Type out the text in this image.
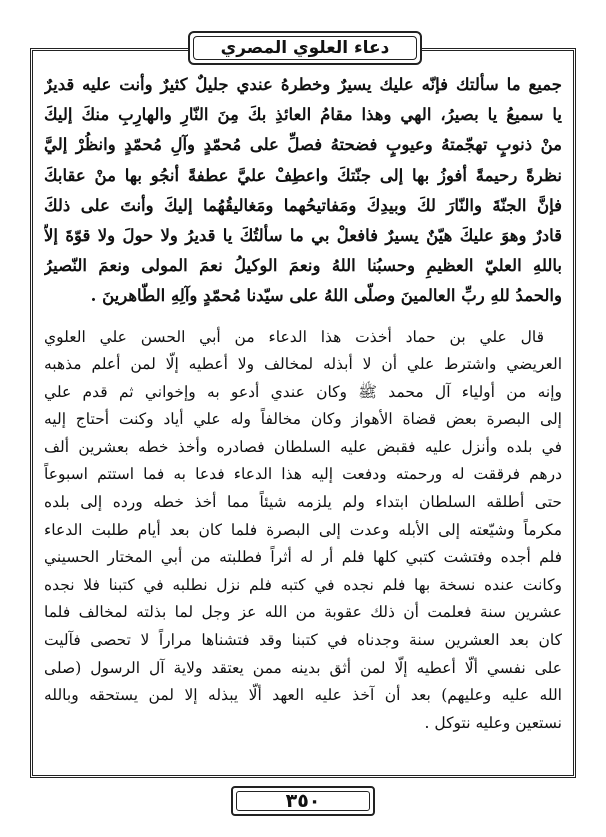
دعاء العلوي المصري
جميع ما سألتك فإنّه عليك يسيرٌ وخطرهُ عندي جليلٌ كثيرٌ وأنت عليه قديرٌ
يا سميعُ يا بصيرُ، الهي وهذا مقامُ العائذِ بكَ مِنَ النّارِ والهارِبِ منكَ إليكَ
منْ ذنوبٍ تهجّمتهُ وعيوبٍ فضحتهُ فصلِّ على مُحمّدٍ وآلِ مُحمّدٍ وانظُرْ إليَّ
نظرةً رحيمةً أفوزُ بها إلى جنّتكَ واعطِفْ عليَّ عطفةً أنجُو بها منْ عقابكَ
فإنَّ الجنّةَ والنّارَ لكَ وبيدِكَ ومَفاتيحُهما ومَغاليقُهُما إليكَ وأنتَ على ذلكَ
قادرٌ وهوَ عليكَ هيّنٌ يسيرٌ فافعلْ بي ما سألتُكَ يا قديرُ ولا حولَ ولا قوّةَ إلاّ
باللهِ العليّ العظيمِ وحسبُنا اللهُ ونعمَ الوكيلُ نعمَ المولى ونعمَ النّصيرُ
والحمدُ للهِ ربِّ العالمينَ وصلّى اللهُ على سيّدنا مُحمّدٍ وآلِهِ الطّاهرينَ .
قال علي بن حماد أخذت هذا الدعاء من أبي الحسن علي العلوي
العريضي واشترط علي أن لا أبذله لمخالف ولا أعطيه إلّا لمن أعلم مذهبه
وإنه من أولياء آل محمد ﷺ وكان عندي أدعو به وإخواني ثم قدم علي
إلى البصرة بعض قضاة الأهواز وكان مخالفاً وله علي أياد وكنت أحتاج إليه
في بلده وأنزل عليه فقبض عليه السلطان فصادره وأخذ خطه بعشرين ألف
درهم فرققت له ورحمته ودفعت إليه هذا الدعاء فدعا به فما استتم اسبوعاً
حتى أطلقه السلطان ابتداء ولم يلزمه شيئاً مما أخذ خطه ورده إلى بلده
مكرماً وشيّعته إلى الأبله وعدت إلى البصرة فلما كان بعد أيام طلبت الدعاء
فلم أجده وفتشت كتبي كلها فلم أر له أثراً فطلبته من أبي المختار الحسيني
وكانت عنده نسخة بها فلم نجده في كتبه فلم نزل نطلبه في كتبنا فلا نجده
عشرين سنة فعلمت أن ذلك عقوبة من الله عز وجل لما بذلته لمخالف فلما
كان بعد العشرين سنة وجدناه في كتبنا وقد فتشناها مراراً لا تحصى فآليت
على نفسي ألّا أعطيه إلّا لمن أثق بدينه ممن يعتقد ولاية آل الرسول (صلى
الله عليه وعليهم) بعد أن آخذ عليه العهد ألّا يبذله إلا لمن يستحقه وبالله
نستعين وعليه نتوكل .
٣٥٠
